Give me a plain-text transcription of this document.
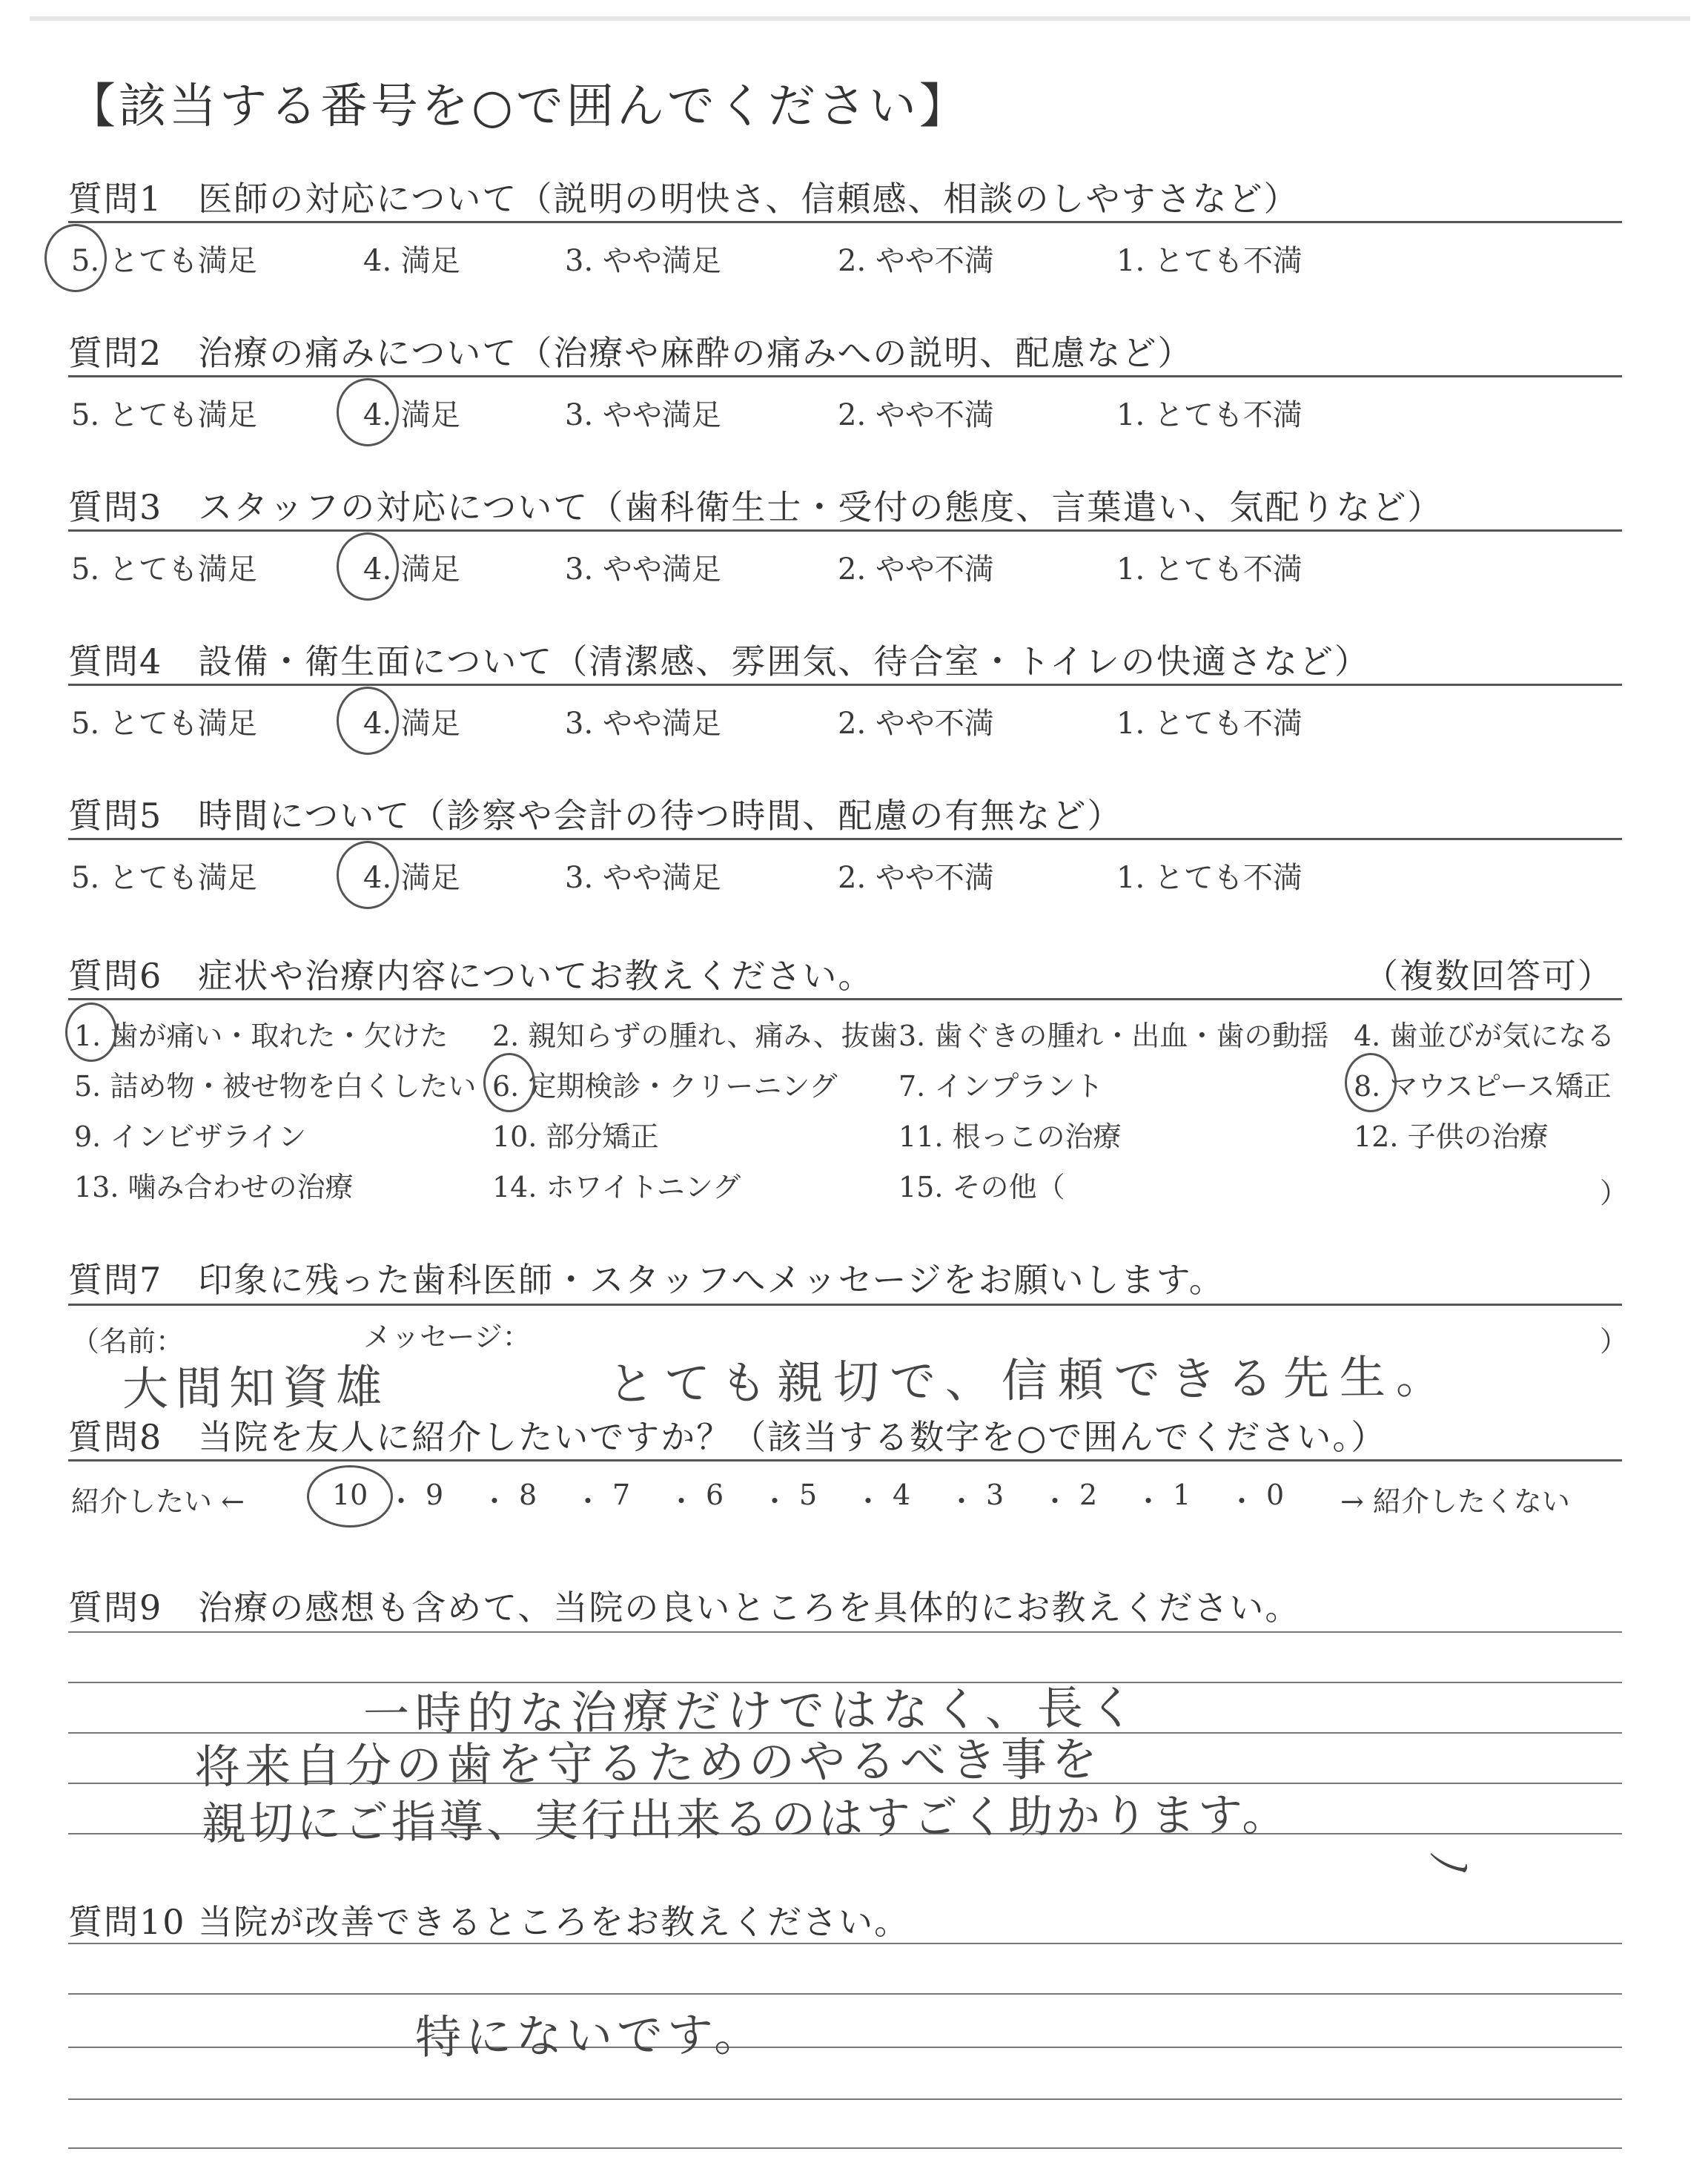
【該当する番号を○で囲んでください】
質問1　医師の対応について（説明の明快さ、信頼感、相談のしやすさなど）
5. とても満足	4. 満足	3. やや満足	2. やや不満	1. とても不満
質問2　治療の痛みについて（治療や麻酔の痛みへの説明、配慮など）
5. とても満足	4. 満足	3. やや満足	2. やや不満	1. とても不満
質問3　スタッフの対応について（歯科衛生士・受付の態度、言葉遣い、気配りなど）
5. とても満足	4. 満足	3. やや満足	2. やや不満	1. とても不満
質問4　設備・衛生面について（清潔感、雰囲気、待合室・トイレの快適さなど）
5. とても満足	4. 満足	3. やや満足	2. やや不満	1. とても不満
質問5　時間について（診察や会計の待つ時間、配慮の有無など）
5. とても満足	4. 満足	3. やや満足	2. やや不満	1. とても不満
質問6　症状や治療内容についてお教えください。	（複数回答可）
1. 歯が痛い・取れた・欠けた 2. 親知らずの腫れ、痛み、抜歯 3. 歯ぐきの腫れ・出血・歯の動揺 4. 歯並びが気になる
5. 詰め物・被せ物を白くしたい 6. 定期検診・クリーニング 7. インプラント	8. マウスピース矯正
9. インビザライン	10. 部分矯正	11. 根っこの治療	12. 子供の治療
13. 噛み合わせの治療	14. ホワイトニング	15. その他（	）
質問7　印象に残った歯科医師・スタッフへメッセージをお願いします。
（名前：	メッセージ：	）
大間知資雄	とても親切で、信頼できる先生。
質問8　当院を友人に紹介したいですか？（該当する数字を○で囲んでください。）
紹介したい ←	10 ・ 9 ・ 8 ・ 7 ・ 6 ・ 5 ・ 4 ・ 3 ・ 2 ・ 1 ・ 0 → 紹介したくない
質問9　治療の感想も含めて、当院の良いところを具体的にお教えください。
一時的な治療だけではなく、長く
将来自分の歯を守るためのやるべき事を
親切にご指導、実行出来るのはすごく助かります。
ノ
質問10 当院が改善できるところをお教えください。
特にないです。
